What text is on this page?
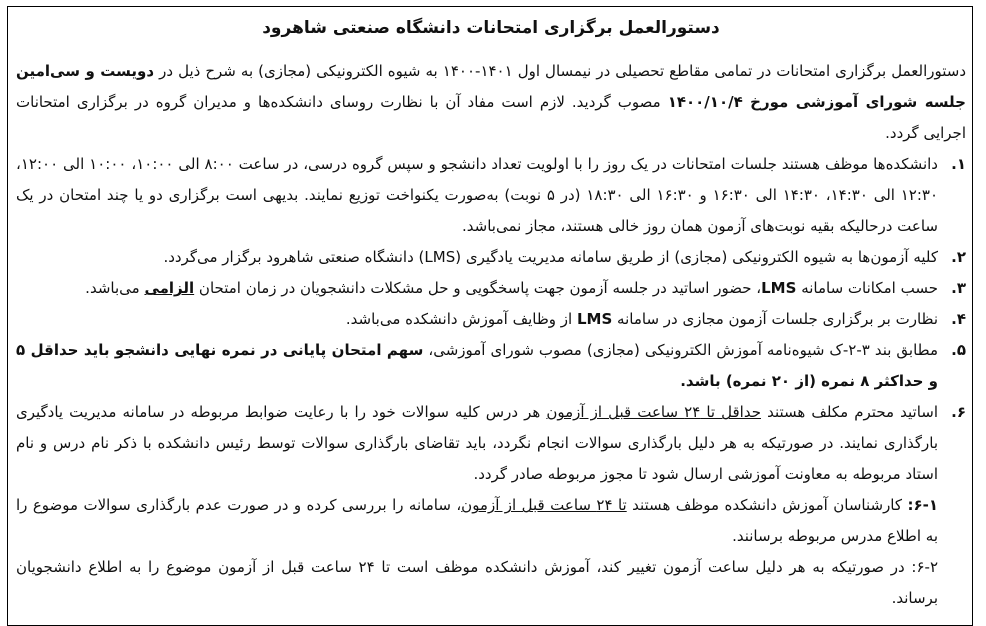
دستورالعمل برگزاری امتحانات دانشگاه صنعتی شاهرود

دستورالعمل برگزاری امتحانات در تمامی مقاطع تحصیلی در نیمسال اول ۱۴۰۱-۱۴۰۰ به شیوه الکترونیکی (مجازی) به شرح ذیل در دویست و سی‌امین جلسه شورای آموزشی مورخ ۱۴۰۰/۱۰/۴ مصوب گردید. لازم است مفاد آن با نظارت روسای دانشکده‌ها و مدیران گروه در برگزاری امتحانات اجرایی گردد.

۱.
دانشکده‌ها موظف هستند جلسات امتحانات در یک روز را با اولویت تعداد دانشجو و سپس گروه درسی، در ساعت ۸:۰۰ الی ۱۰:۰۰، ۱۰:۰۰ الی ۱۲:۰۰، ۱۲:۳۰ الی ۱۴:۳۰، ۱۴:۳۰ الی ۱۶:۳۰ و ۱۶:۳۰ الی ۱۸:۳۰ (در ۵ نوبت) به‌صورت یکنواخت توزیع نمایند. بدیهی است برگزاری دو یا چند امتحان در یک ساعت درحالیکه بقیه نوبت‌های آزمون همان روز خالی هستند، مجاز نمی‌باشد.

۲.
کلیه آزمون‌ها به شیوه الکترونیکی (مجازی) از طریق سامانه مدیریت یادگیری (LMS) دانشگاه صنعتی شاهرود برگزار می‌گردد.

۳.
حسب امکانات سامانه LMS، حضور اساتید در جلسه آزمون جهت پاسخگویی و حل مشکلات دانشجویان در زمان امتحان الزامی می‌باشد.

۴.
نظارت بر برگزاری جلسات آزمون مجازی در سامانه LMS از وظایف آموزش دانشکده می‌باشد.

۵.
مطابق بند ۳-۲-ک شیوه‌نامه آموزش الکترونیکی (مجازی) مصوب شورای آموزشی، سهم امتحان پایانی در نمره نهایی دانشجو باید حداقل ۵ و حداکثر ۸ نمره (از ۲۰ نمره) باشد.

۶.
اساتید محترم مکلف هستند حداقل تا ۲۴ ساعت قبل از آزمون هر درس کلیه سوالات خود را با رعایت ضوابط مربوطه در سامانه مدیریت یادگیری بارگذاری نمایند. در صورتیکه به هر دلیل بارگذاری سوالات انجام نگردد، باید تقاضای بارگذاری سوالات توسط رئیس دانشکده با ذکر نام درس و نام استاد مربوطه به معاونت آموزشی ارسال شود تا مجوز مربوطه صادر گردد.

۶-۱: کارشناسان آموزش دانشکده موظف هستند تا ۲۴ ساعت قبل از آزمون، سامانه را بررسی کرده و در صورت عدم بارگذاری سوالات موضوع را به اطلاع مدرس مربوطه برسانند.

۶-۲: در صورتیکه به هر دلیل ساعت آزمون تغییر کند، آموزش دانشکده موظف است تا ۲۴ ساعت قبل از آزمون موضوع را به اطلاع دانشجویان برساند.
